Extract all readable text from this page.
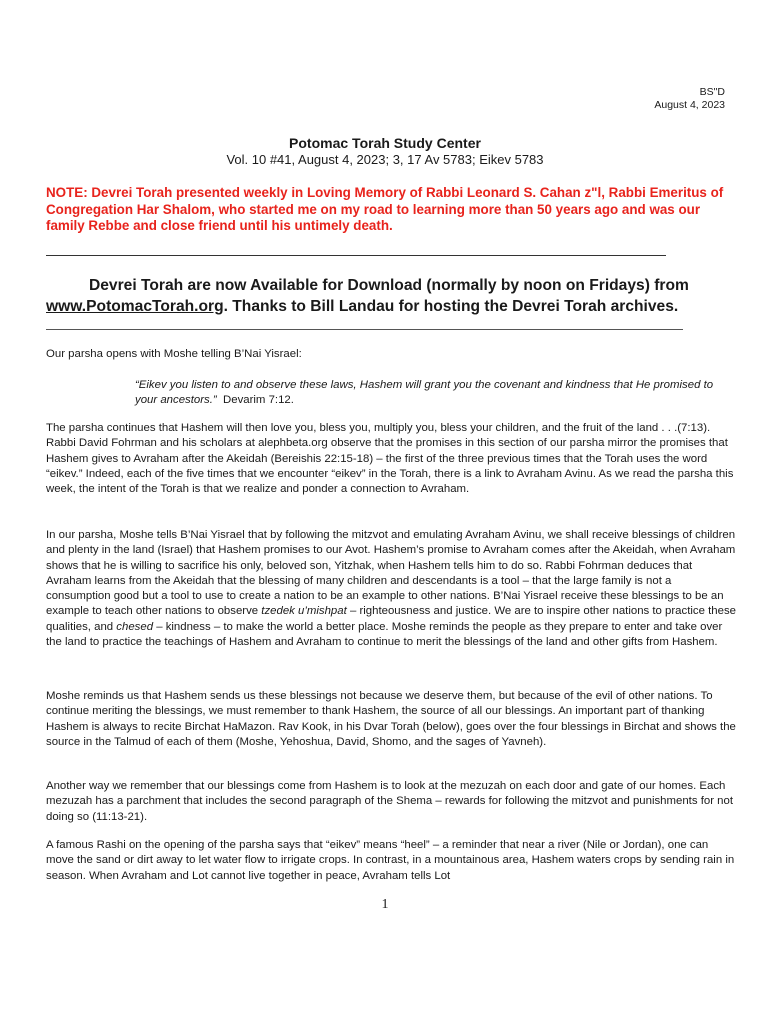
BS"D
August 4, 2023
Potomac Torah Study Center
Vol. 10 #41, August 4, 2023; 3, 17 Av 5783; Eikev 5783
NOTE: Devrei Torah presented weekly in Loving Memory of Rabbi Leonard S. Cahan z"l, Rabbi Emeritus of Congregation Har Shalom, who started me on my road to learning more than 50 years ago and was our family Rebbe and close friend until his untimely death.
Devrei Torah are now Available for Download (normally by noon on Fridays) from www.PotomacTorah.org. Thanks to Bill Landau for hosting the Devrei Torah archives.
Our parsha opens with Moshe telling B’Nai Yisrael:
“Eikev you listen to and observe these laws, Hashem will grant you the covenant and kindness that He promised to your ancestors.” Devarim 7:12.
The parsha continues that Hashem will then love you, bless you, multiply you, bless your children, and the fruit of the land . . .(7:13). Rabbi David Fohrman and his scholars at alephbeta.org observe that the promises in this section of our parsha mirror the promises that Hashem gives to Avraham after the Akeidah (Bereishis 22:15-18) – the first of the three previous times that the Torah uses the word “eikev.” Indeed, each of the five times that we encounter “eikev” in the Torah, there is a link to Avraham Avinu. As we read the parsha this week, the intent of the Torah is that we realize and ponder a connection to Avraham.
In our parsha, Moshe tells B’Nai Yisrael that by following the mitzvot and emulating Avraham Avinu, we shall receive blessings of children and plenty in the land (Israel) that Hashem promises to our Avot. Hashem’s promise to Avraham comes after the Akeidah, when Avraham shows that he is willing to sacrifice his only, beloved son, Yitzhak, when Hashem tells him to do so. Rabbi Fohrman deduces that Avraham learns from the Akeidah that the blessing of many children and descendants is a tool – that the large family is not a consumption good but a tool to use to create a nation to be an example to other nations. B’Nai Yisrael receive these blessings to be an example to teach other nations to observe tzedek u’mishpat – righteousness and justice. We are to inspire other nations to practice these qualities, and chesed – kindness – to make the world a better place. Moshe reminds the people as they prepare to enter and take over the land to practice the teachings of Hashem and Avraham to continue to merit the blessings of the land and other gifts from Hashem.
Moshe reminds us that Hashem sends us these blessings not because we deserve them, but because of the evil of other nations. To continue meriting the blessings, we must remember to thank Hashem, the source of all our blessings. An important part of thanking Hashem is always to recite Birchat HaMazon. Rav Kook, in his Dvar Torah (below), goes over the four blessings in Birchat and shows the source in the Talmud of each of them (Moshe, Yehoshua, David, Shomo, and the sages of Yavneh).
Another way we remember that our blessings come from Hashem is to look at the mezuzah on each door and gate of our homes. Each mezuzah has a parchment that includes the second paragraph of the Shema – rewards for following the mitzvot and punishments for not doing so (11:13-21).
A famous Rashi on the opening of the parsha says that “eikev” means “heel” – a reminder that near a river (Nile or Jordan), one can move the sand or dirt away to let water flow to irrigate crops. In contrast, in a mountainous area, Hashem waters crops by sending rain in season. When Avraham and Lot cannot live together in peace, Avraham tells Lot
1
